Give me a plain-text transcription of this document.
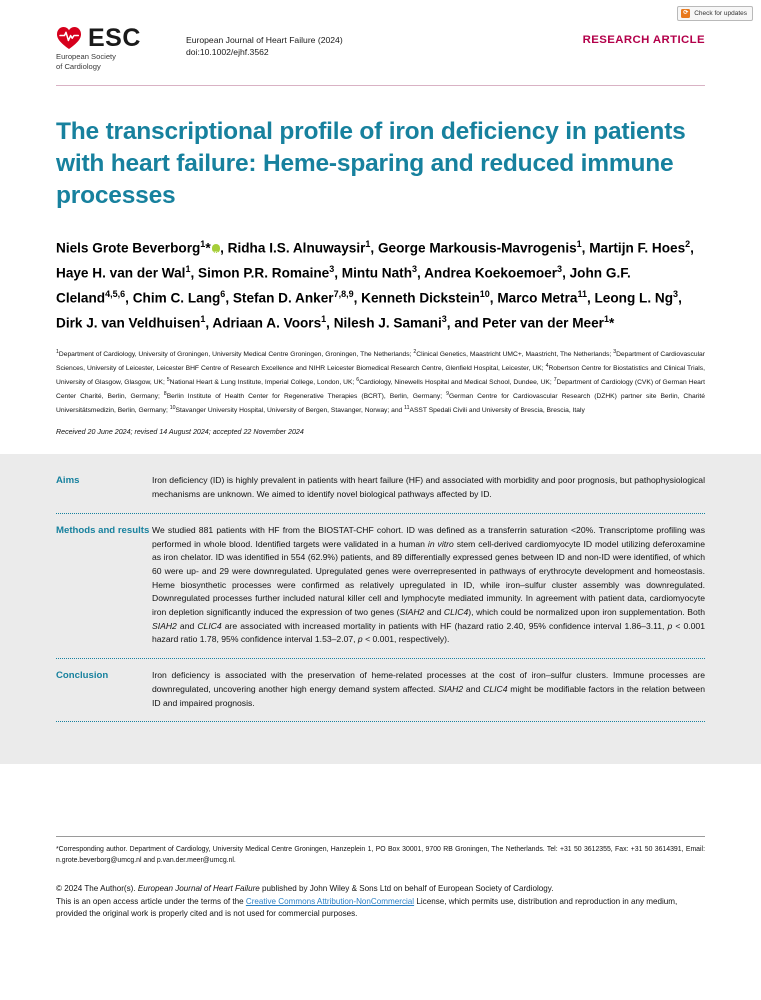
⟳ Check for updates
ESC
European Society
of Cardiology
European Journal of Heart Failure (2024)
doi:10.1002/ejhf.3562
RESEARCH ARTICLE
The transcriptional profile of iron deficiency in patients with heart failure: Heme-sparing and reduced immune processes
Niels Grote Beverborg$^1$* iD , Ridha I.S. Alnuwaysir$^1$, George Markousis-Mavrogenis$^1$, Martijn F. Hoes$^2$, Haye H. van der Wal$^1$, Simon P.R. Romaine$^3$, Mintu Nath$^3$, Andrea Koekoemoer$^3$, John G.F. Cleland$^{4,5,6}$, Chim C. Lang$^6$, Stefan D. Anker$^{7,8,9}$, Kenneth Dickstein$^{10}$, Marco Metra$^{11}$, Leong L. Ng$^3$, Dirk J. van Veldhuisen$^1$, Adriaan A. Voors$^1$, Nilesh J. Samani$^3$, and Peter van der Meer$^1$*
$^1$Department of Cardiology, University of Groningen, University Medical Centre Groningen, Groningen, The Netherlands; $^2$Clinical Genetics, Maastricht UMC+, Maastricht, The Netherlands; $^3$Department of Cardiovascular Sciences, University of Leicester, Leicester BHF Centre of Research Excellence and NIHR Leicester Biomedical Research Centre, Glenfield Hospital, Leicester, UK; $^4$Robertson Centre for Biostatistics and Clinical Trials, University of Glasgow, Glasgow, UK; $^5$National Heart & Lung Institute, Imperial College, London, UK; $^6$Cardiology, Ninewells Hospital and Medical School, Dundee, UK; $^7$Department of Cardiology (CVK) of German Heart Center Charité, Berlin, Germany; $^8$Berlin Institute of Health Center for Regenerative Therapies (BCRT), Berlin, Germany; $^9$German Centre for Cardiovascular Research (DZHK) partner site Berlin, Charité Universitätsmedizin, Berlin, Germany; $^{10}$Stavanger University Hospital, University of Bergen, Stavanger, Norway; and $^{11}$ASST Spedali Civili and University of Brescia, Brescia, Italy
Received 20 June 2024; revised 14 August 2024; accepted 22 November 2024
Aims	Iron deficiency (ID) is highly prevalent in patients with heart failure (HF) and associated with morbidity and poor prognosis, but pathophysiological mechanisms are unknown. We aimed to identify novel biological pathways affected by ID.
Methods and results We studied 881 patients with HF from the BIOSTAT-CHF cohort. ID was defined as a transferrin saturation <20%. Transcriptome profiling was performed in whole blood. Identified targets were validated in a human in vitro stem cell-derived cardiomyocyte ID model utilizing deferoxamine as iron chelator. ID was identified in 554 (62.9%) patients, and 89 differentially expressed genes between ID and non-ID were identified, of which 60 were up- and 29 were downregulated. Upregulated genes were overrepresented in pathways of erythrocyte development and homeostasis. Heme biosynthetic processes were confirmed as relatively upregulated in ID, while iron–sulfur cluster assembly was downregulated. Downregulated processes further included natural killer cell and lymphocyte mediated immunity. In agreement with patient data, cardiomyocyte iron depletion significantly induced the expression of two genes (SIAH2 and CLIC4), which could be normalized upon iron supplementation. Both SIAH2 and CLIC4 are associated with increased mortality in patients with HF (hazard ratio 2.40, 95% confidence interval 1.86–3.11, p < 0.001 hazard ratio 1.78, 95% confidence interval 1.53–2.07, p < 0.001, respectively).
Conclusion	Iron deficiency is associated with the preservation of heme-related processes at the cost of iron–sulfur clusters. Immune processes are downregulated, uncovering another high energy demand system affected. SIAH2 and CLIC4 might be modifiable factors in the relation between ID and impaired prognosis.
*Corresponding author. Department of Cardiology, University Medical Centre Groningen, Hanzeplein 1, PO Box 30001, 9700 RB Groningen, The Netherlands. Tel: +31 50 3612355, Fax: +31 50 3614391, Email: n.grote.beverborg@umcg.nl and p.van.der.meer@umcg.nl.
© 2024 The Author(s). European Journal of Heart Failure published by John Wiley & Sons Ltd on behalf of European Society of Cardiology.
This is an open access article under the terms of the Creative Commons Attribution-NonCommercial License, which permits use, distribution and reproduction in any medium, provided the original work is properly cited and is not used for commercial purposes.
